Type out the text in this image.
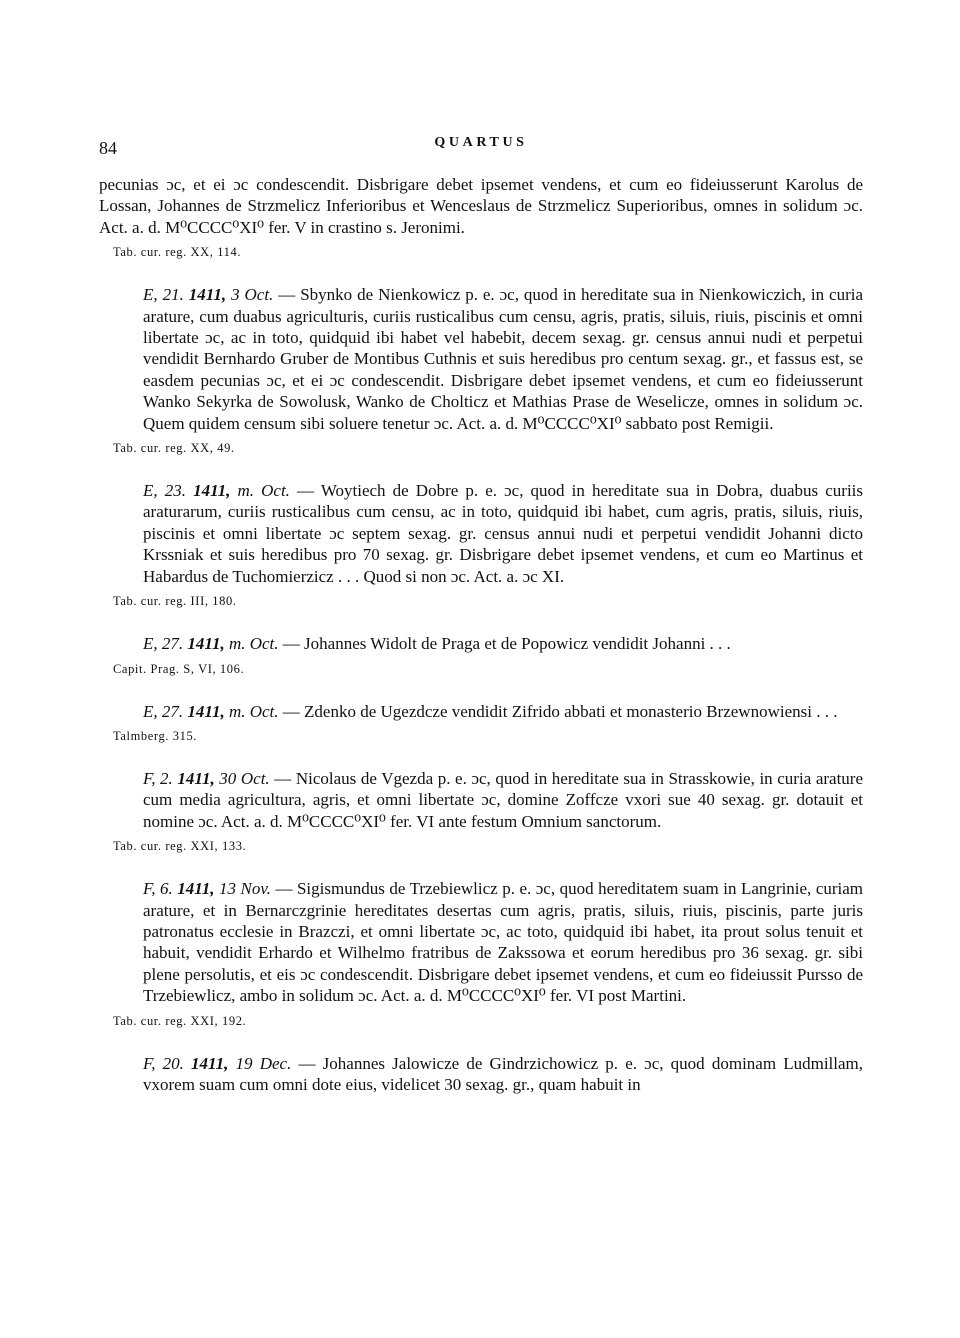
84	QUARTUS

pecunias ɔc, et ei ɔc condescendit. Disbrigare debet ipsemet vendens, et cum eo fideiusserunt Karolus de Lossan, Johannes de Strzmelicz Inferioribus et Wenceslaus de Strzmelicz Superioribus, omnes in solidum ɔc. Act. a. d. M⁰CCCC⁰XI⁰ fer. V in crastino s. Jeronimi.

Tab. cur. reg. XX, 114.

E, 21. 1411, 3 Oct. — Sbynko de Nienkowicz p. e. ɔc, quod in hereditate sua in Nienkowiczich, in curia arature, cum duabus agriculturis, curiis rusticalibus cum censu, agris, pratis, siluis, riuis, piscinis et omni libertate ɔc, ac in toto, quidquid ibi habet vel habebit, decem sexag. gr. census annui nudi et perpetui vendidit Bernhardo Gruber de Montibus Cuthnis et suis heredibus pro centum sexag. gr., et fassus est, se easdem pecunias ɔc, et ei ɔc condescendit. Disbrigare debet ipsemet vendens, et cum eo fideiusserunt Wanko Sekyrka de Sowolusk, Wanko de Cholticz et Mathias Prase de Weselicze, omnes in solidum ɔc. Quem quidem censum sibi soluere tenetur ɔc. Act. a. d. M⁰CCCC⁰XI⁰ sabbato post Remigii.

Tab. cur. reg. XX, 49.

E, 23. 1411, m. Oct. — Woytiech de Dobre p. e. ɔc, quod in hereditate sua in Dobra, duabus curiis araturarum, curiis rusticalibus cum censu, ac in toto, quidquid ibi habet, cum agris, pratis, siluis, riuis, piscinis et omni libertate ɔc septem sexag. gr. census annui nudi et perpetui vendidit Johanni dicto Krssniak et suis heredibus pro 70 sexag. gr. Disbrigare debet ipsemet vendens, et cum eo Martinus et Habardus de Tuchomierzicz . . . Quod si non ɔc. Act. a. ɔc XI.

Tab. cur. reg. III, 180.

E, 27. 1411, m. Oct. — Johannes Widolt de Praga et de Popowicz vendidit Johanni . . .

Capit. Prag. S, VI, 106.

E, 27. 1411, m. Oct. — Zdenko de Ugezdcze vendidit Zifrido abbati et monasterio Brzewnowiensi . . .

Talmberg. 315.

F, 2. 1411, 30 Oct. — Nicolaus de Vgezda p. e. ɔc, quod in hereditate sua in Strasskowie, in curia arature cum media agricultura, agris, et omni libertate ɔc, domine Zoffcze vxori sue 40 sexag. gr. dotauit et nomine ɔc. Act. a. d. M⁰CCCC⁰XI⁰ fer. VI ante festum Omnium sanctorum.

Tab. cur. reg. XXI, 133.

F, 6. 1411, 13 Nov. — Sigismundus de Trzebiewlicz p. e. ɔc, quod hereditatem suam in Langrinie, curiam arature, et in Bernarczgrinie hereditates desertas cum agris, pratis, siluis, riuis, piscinis, parte juris patronatus ecclesie in Brazczi, et omni libertate ɔc, ac toto, quidquid ibi habet, ita prout solus tenuit et habuit, vendidit Erhardo et Wilhelmo fratribus de Zakssowa et eorum heredibus pro 36 sexag. gr. sibi plene persolutis, et eis ɔc condescendit. Disbrigare debet ipsemet vendens, et cum eo fideiussit Pursso de Trzebiewlicz, ambo in solidum ɔc. Act. a. d. M⁰CCCC⁰XI⁰ fer. VI post Martini.

Tab. cur. reg. XXI, 192.

F, 20. 1411, 19 Dec. — Johannes Jalowicze de Gindrzichowicz p. e. ɔc, quod dominam Ludmillam, vxorem suam cum omni dote eius, videlicet 30 sexag. gr., quam habuit in
